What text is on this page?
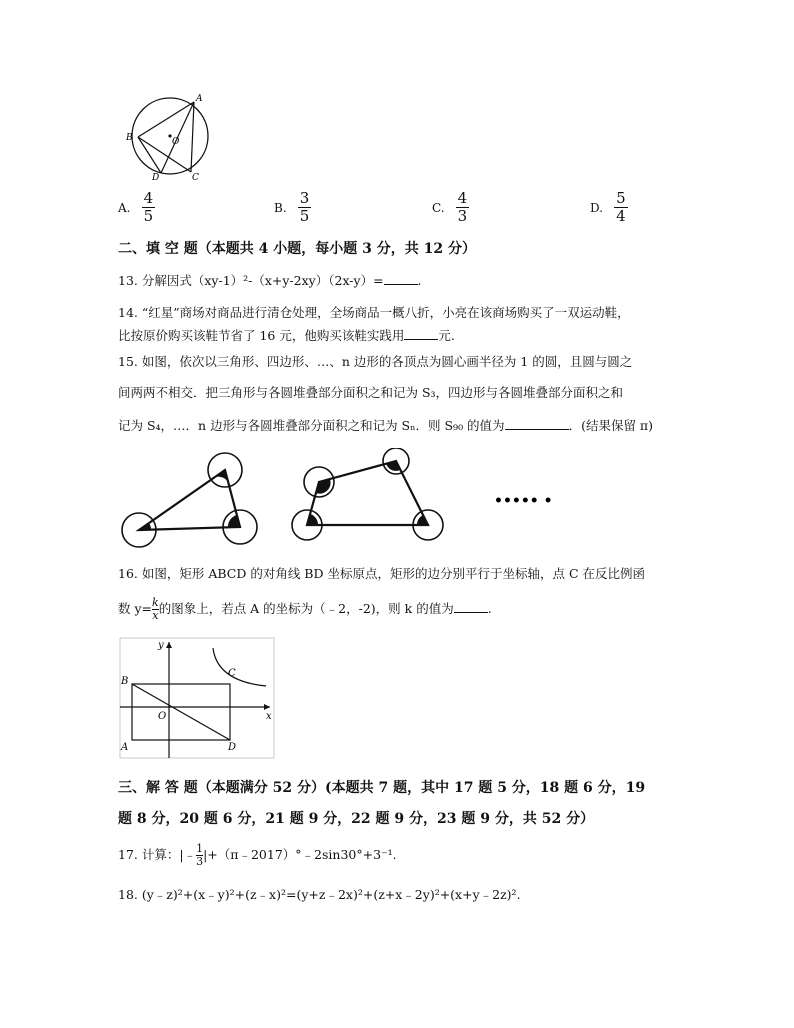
A
B	O
D	C
A. $\frac{4}{5}$	B. $\frac{3}{5}$	C. $\frac{4}{3}$	D. $\frac{5}{4}$
二、填 空 题（本题共 4 小题，每小题 3 分，共 12 分）
13. 分解因式（xy-1）²-（x+y-2xy）（2x-y）=	.
14. “红星”商场对商品进行清仓处理，全场商品一概八折，小亮在该商场购买了一双运动鞋，
比按原价购买该鞋节省了 16 元，他购买该鞋实践用	元.
15. 如图，依次以三角形、四边形、…、n 边形的各顶点为圆心画半径为 1 的圆，且圆与圆之
间两两不相交．把三角形与各圆堆叠部分面积之和记为 S₃，四边形与各圆堆叠部分面积之和
记为 S₄，…．n 边形与各圆堆叠部分面积之和记为 Sₙ．则 S₉₀ 的值为	．(结果保留 π)
••••• •
16. 如图，矩形 ABCD 的对角线 BD 坐标原点，矩形的边分别平行于坐标轴，点 C 在反比例函
数 $y= \frac{k}{x}$ 的图象上，若点 A 的坐标为（﹣2，-2)，则 k 的值为	.
y
x
B
C
O
A	D
三、解 答 题（本题满分 52 分）(本题共 7 题，其中 17 题 5 分，18 题 6 分，19
题 8 分，20 题 6 分，21 题 9 分，22 题 9 分，23 题 9 分，共 52 分）
17. 计算：|﹣ $\frac{1}{3}$ |+（π﹣2017）°﹣2sin30°+3⁻¹.
18. (y﹣z)²+(x﹣y)²+(z﹣x)²=(y+z﹣2x)²+(z+x﹣2y)²+(x+y﹣2z)².
